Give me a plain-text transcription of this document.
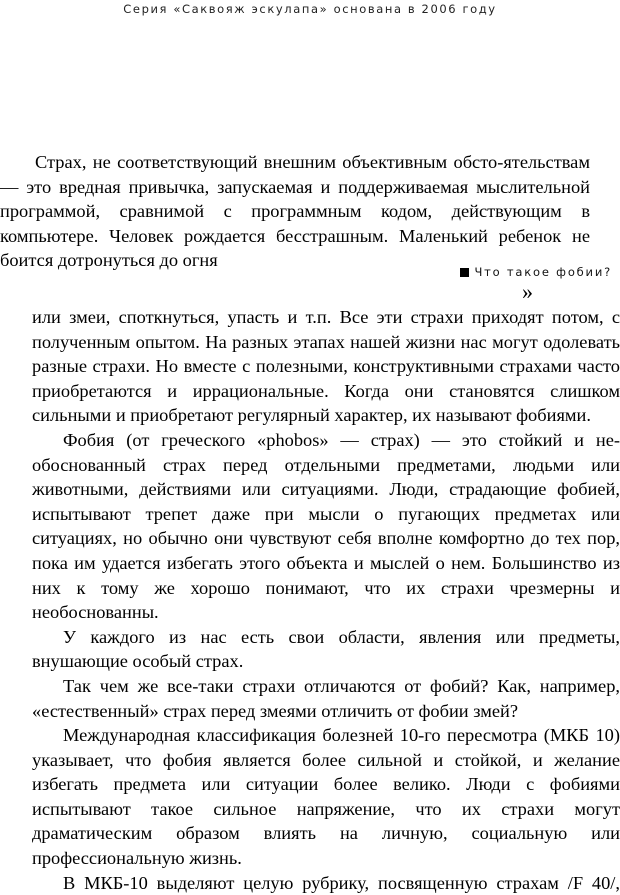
Серия «Саквояж эскулапа» основана в 2006 году

Страх, не соответствующий внешним объективным обсто-ятельствам — это вредная привычка, запускаемая и поддерживаемая мыслительной программой, сравнимой с программным кодом, действующим в компьютере. Человек рождается бесстрашным. Маленький ребенок не боится дотронуться до огня

Что такое фобии?
»

или змеи, споткнуться, упасть и т.п. Все эти страхи приходят потом, с полученным опытом. На разных этапах нашей жизни нас могут одолевать разные страхи. Но вместе с полезными, конструктивными страхами часто приобретаются и иррациональные. Когда они становятся слишком сильными и приобретают регулярный характер, их называют фобиями.

Фобия (от греческого «phobos» — страх) — это стойкий и не-обоснованный страх перед отдельными предметами, людьми или животными, действиями или ситуациями. Люди, страдающие фобией, испытывают трепет даже при мысли о пугающих предметах или ситуациях, но обычно они чувствуют себя вполне комфортно до тех пор, пока им удается избегать этого объекта и мыслей о нем. Большинство из них к тому же хорошо понимают, что их страхи чрезмерны и необоснованны.

У каждого из нас есть свои области, явления или предметы, внушающие особый страх.

Так чем же все-таки страхи отличаются от фобий? Как, например, «естественный» страх перед змеями отличить от фобии змей?

Международная классификация болезней 10-го пересмотра (МКБ 10) указывает, что фобия является более сильной и стойкой, и желание избегать предмета или ситуации более велико. Люди с фобиями испытывают такое сильное напряжение, что их страхи могут драматическим образом влиять на личную, социальную или профессиональную жизнь.

В МКБ-10 выделяют целую рубрику, посвященную страхам /F 40/,
